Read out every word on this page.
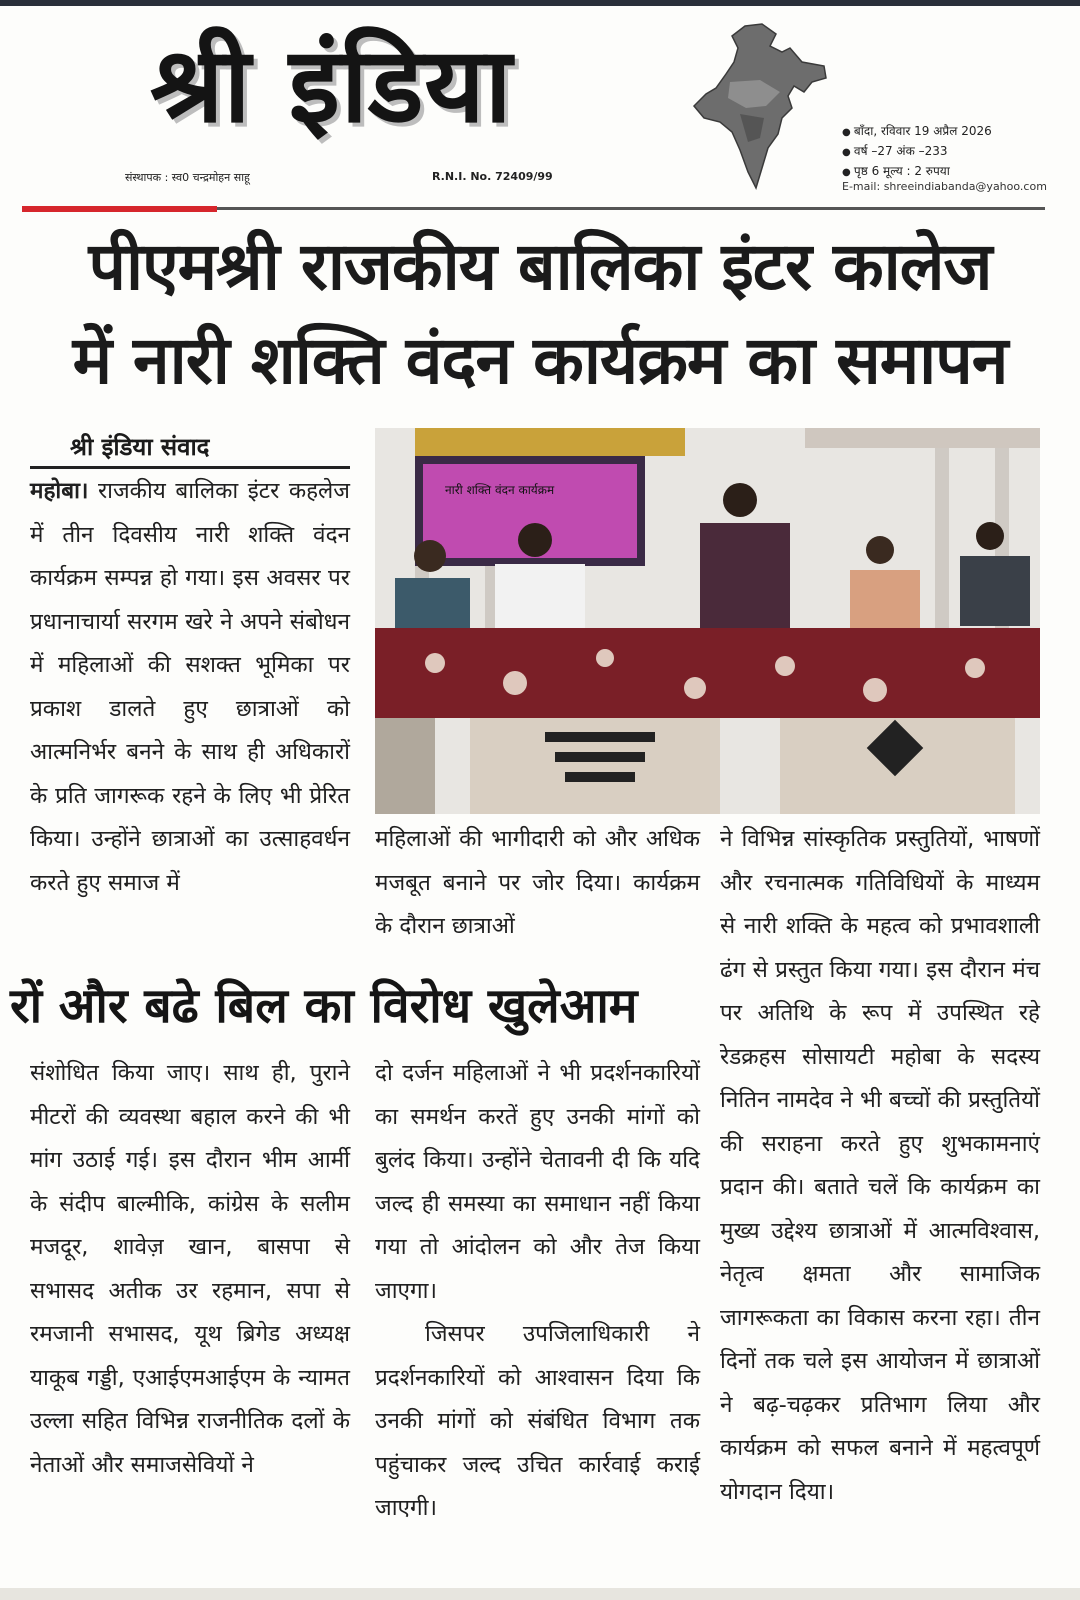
श्री इंडिया
●	बाँदा, रविवार 19 अप्रैल 2026
● वर्ष –27 अंक –233
● पृष्ठ 6 मूल्य : 2 रुपया
E-mail: shreeindiabanda@yahoo.com
संस्थापक : स्व0 चन्द्रमोहन साहू	R.N.I. No. 72409/99
पीएमश्री राजकीय बालिका इंटर कालेज
में नारी शक्ति वंदन कार्यक्रम का समापन
श्री इंडिया संवाद

महोबा। राजकीय बालिका इंटर कहलेज में तीन दिवसीय नारी शक्ति वंदन कार्यक्रम सम्पन्न हो गया। इस अवसर पर प्रधानाचार्या सरगम खरे ने अपने संबोधन में महिलाओं की सशक्त भूमिका पर प्रकाश डालते हुए छात्राओं को आत्मनिर्भर बनने के साथ ही अधिकारों के प्रति जागरूक रहने के लिए भी प्रेरित किया। उन्होंने छात्राओं का उत्साहवर्धन करते हुए समाज में

नारी शक्ति वंदन कार्यक्रम

महिलाओं की भागीदारी को और अधिक मजबूत बनाने पर जोर दिया। कार्यक्रम के दौरान छात्राओं

ने विभिन्न सांस्कृतिक प्रस्तुतियों, भाषणों और रचनात्मक गतिविधियों के माध्यम से नारी शक्ति के महत्व को प्रभावशाली ढंग से प्रस्तुत किया गया। इस दौरान मंच पर अतिथि के रूप में उपस्थित रहे रेडक्रहस सोसायटी महोबा के सदस्य नितिन नामदेव ने भी बच्चों की प्रस्तुतियों की सराहना करते हुए शुभकामनाएं प्रदान की। बताते चलें कि कार्यक्रम का मुख्य उद्देश्य छात्राओं में आत्मविश्वास, नेतृत्व क्षमता और सामाजिक जागरूकता का विकास करना रहा। तीन दिनों तक चले इस आयोजन में छात्राओं ने बढ़-चढ़कर प्रतिभाग लिया और कार्यक्रम को सफल बनाने में महत्वपूर्ण योगदान दिया।

रों और बढे बिल का विरोध खुलेआम

संशोधित किया जाए। साथ ही, पुराने मीटरों की व्यवस्था बहाल करने की भी मांग उठाई गई। इस दौरान भीम आर्मी के संदीप बाल्मीकि, कांग्रेस के सलीम मजदूर, शावेज़ खान, बासपा से सभासद अतीक उर रहमान, सपा से रमजानी सभासद, यूथ ब्रिगेड अध्यक्ष याकूब गड्डी, एआईएमआईएम के न्यामत उल्ला सहित विभिन्न राजनीतिक दलों के नेताओं और समाजसेवियों ने

दो दर्जन महिलाओं ने भी प्रदर्शनकारियों का समर्थन करतें हुए उनकी मांगों को बुलंद किया। उन्होंने चेतावनी दी कि यदि जल्द ही समस्या का समाधान नहीं किया गया तो आंदोलन को और तेज किया जाएगा।

जिसपर उपजिलाधिकारी ने प्रदर्शनकारियों को आश्वासन दिया कि उनकी मांगों को संबंधित विभाग तक पहुंचाकर जल्द उचित कार्रवाई कराई जाएगी।
